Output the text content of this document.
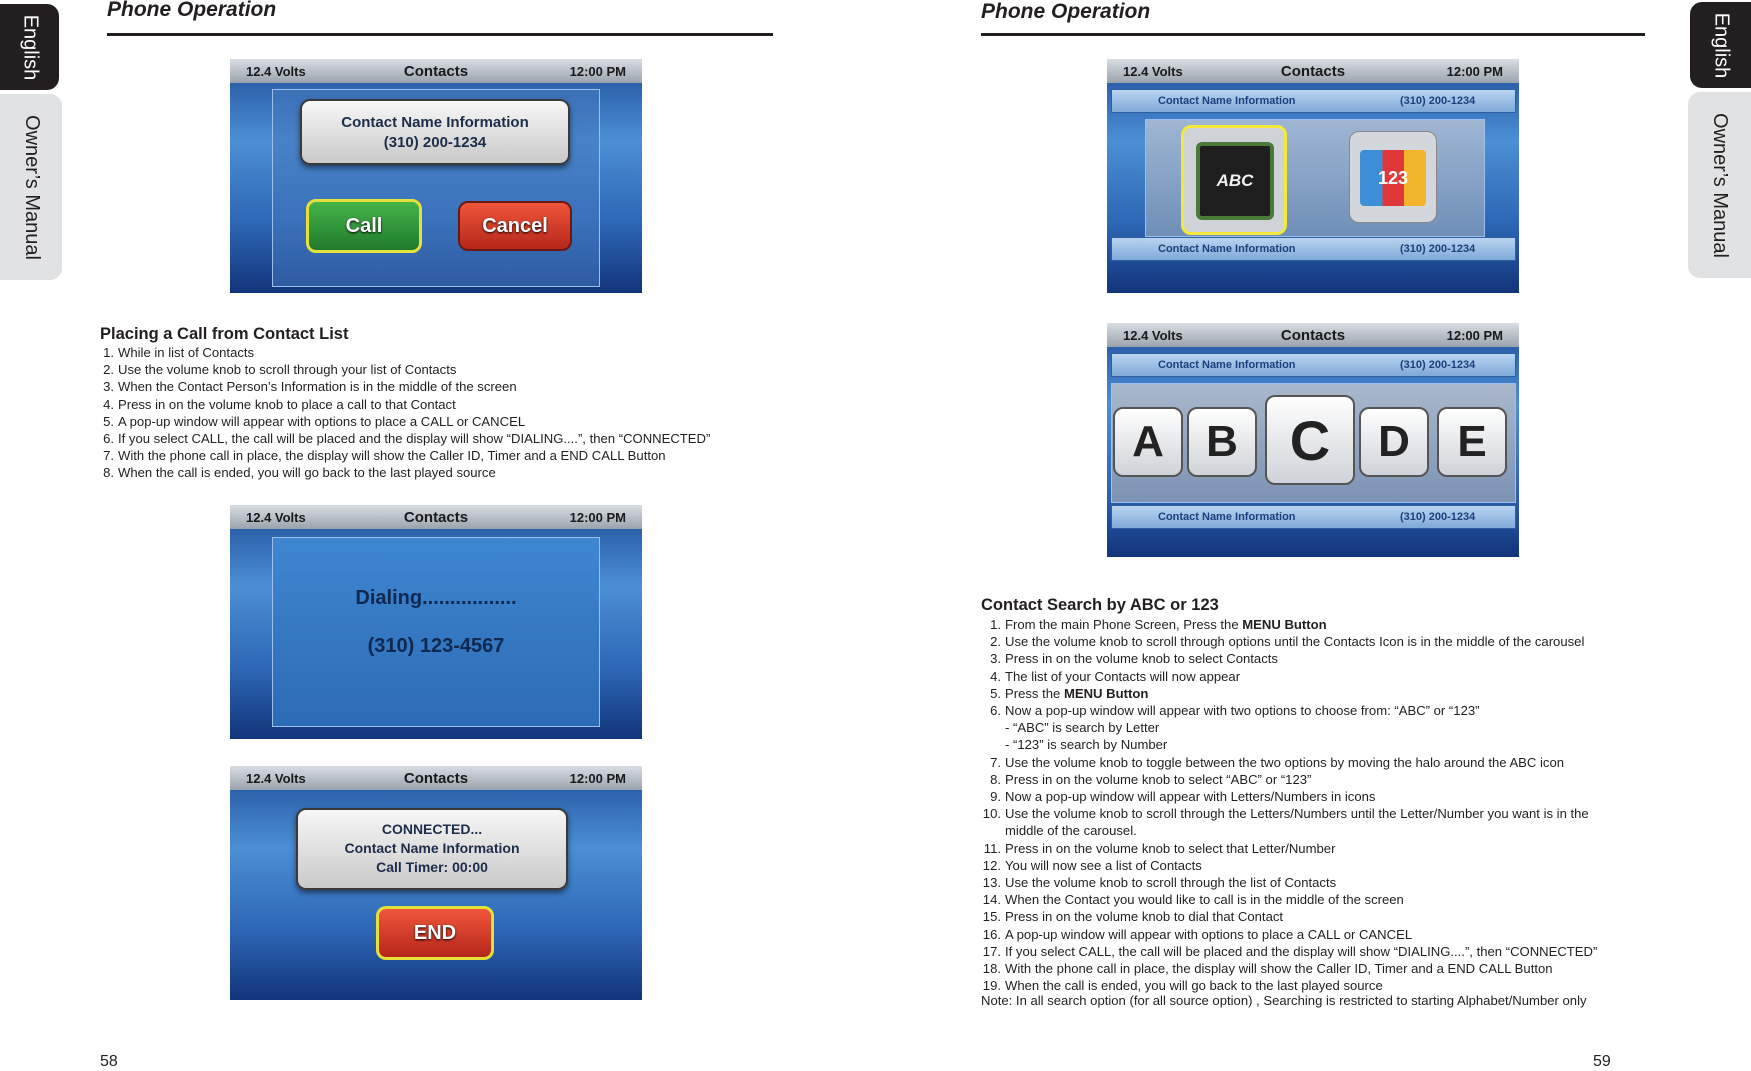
English
Owner’s Manual
Phone Operation
12.4 Volts	Contacts	12:00 PM
Contact Name Information
(310) 200-1234
Call	Cancel
Placing a Call from Contact List
1. While in list of Contacts
2. Use the volume knob to scroll through your list of Contacts
3. When the Contact Person’s Information is in the middle of the screen
4. Press in on the volume knob to place a call to that Contact
5. A pop-up window will appear with options to place a CALL or CANCEL
6. If you select CALL, the call will be placed and the display will show “DIALING....”, then “CONNECTED”
7. With the phone call in place, the display will show the Caller ID, Timer and a END CALL Button
8. When the call is ended, you will go back to the last played source
12.4 Volts	Contacts	12:00 PM
Dialing.................
(310) 123-4567
12.4 Volts	Contacts	12:00 PM
CONNECTED...
Contact Name Information
Call Timer: 00:00
END
58
Phone Operation
English
Owner’s Manual
12.4 Volts	Contacts	12:00 PM
Contact Name Information	(310) 200-1234
ABC	123
Contact Name Information	(310) 200-1234
12.4 Volts	Contacts	12:00 PM
Contact Name Information	(310) 200-1234
A B C	D	E
Contact Name Information	(310) 200-1234
Contact Search by ABC or 123
1. From the main Phone Screen, Press the MENU Button
2. Use the volume knob to scroll through options until the Contacts Icon is in the middle of the carousel
3. Press in on the volume knob to select Contacts
4. The list of your Contacts will now appear
5. Press the MENU Button
6. Now a pop-up window will appear with two options to choose from: “ABC” or “123”
- “ABC” is search by Letter
- “123” is search by Number
7. Use the volume knob to toggle between the two options by moving the halo around the ABC icon
8. Press in on the volume knob to select “ABC” or “123”
9. Now a pop-up window will appear with Letters/Numbers in icons
10. Use the volume knob to scroll through the Letters/Numbers until the Letter/Number you want is in the
middle of the carousel.
11. Press in on the volume knob to select that Letter/Number
12. You will now see a list of Contacts
13. Use the volume knob to scroll through the list of Contacts
14. When the Contact you would like to call is in the middle of the screen
15. Press in on the volume knob to dial that Contact
16. A pop-up window will appear with options to place a CALL or CANCEL
17. If you select CALL, the call will be placed and the display will show “DIALING....”, then “CONNECTED”
18. With the phone call in place, the display will show the Caller ID, Timer and a END CALL Button
19. When the call is ended, you will go back to the last played source
Note: In all search option (for all source option) , Searching is restricted to starting Alphabet/Number only
59
